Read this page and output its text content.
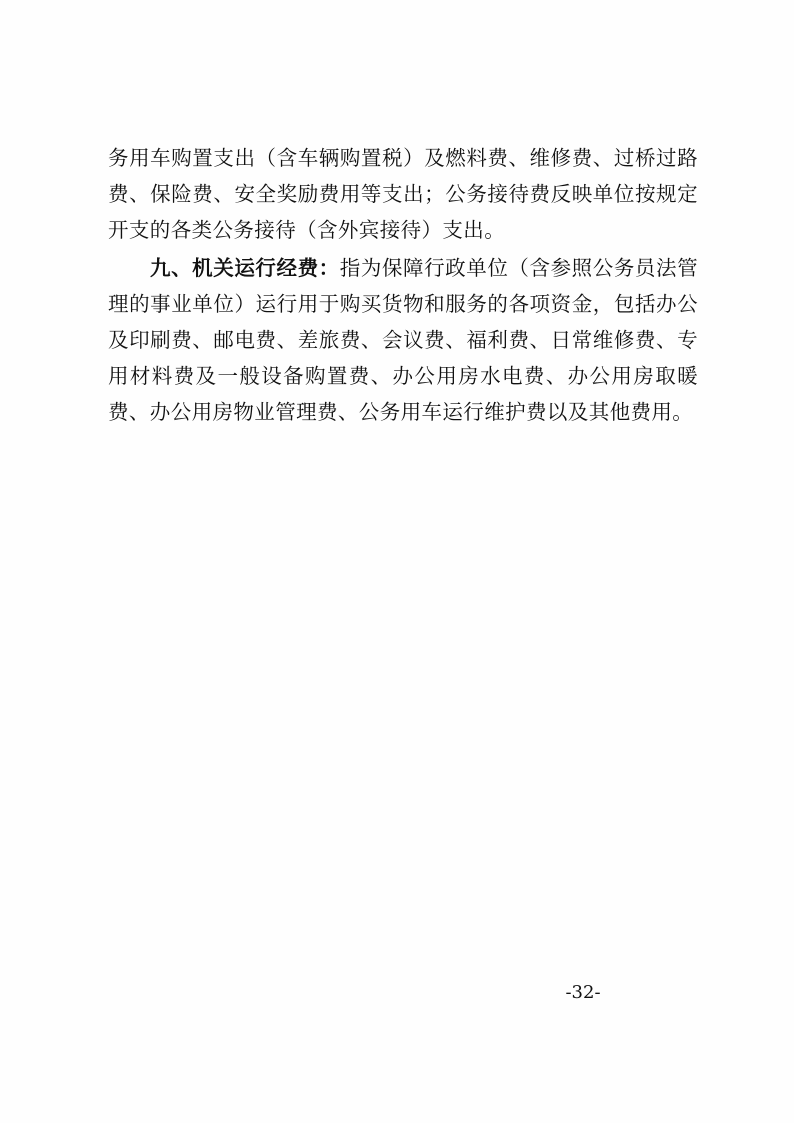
务用车购置支出（含车辆购置税）及燃料费、维修费、过桥过路费、保险费、安全奖励费用等支出；公务接待费反映单位按规定开支的各类公务接待（含外宾接待）支出。

九、机关运行经费：指为保障行政单位（含参照公务员法管理的事业单位）运行用于购买货物和服务的各项资金，包括办公及印刷费、邮电费、差旅费、会议费、福利费、日常维修费、专用材料费及一般设备购置费、办公用房水电费、办公用房取暖费、办公用房物业管理费、公务用车运行维护费以及其他费用。

-32-
